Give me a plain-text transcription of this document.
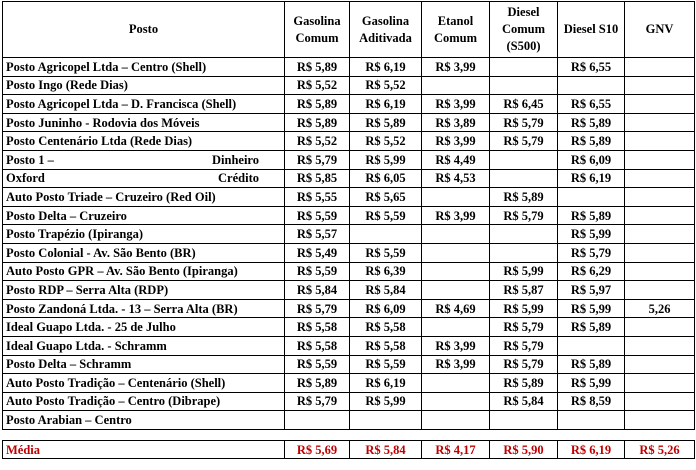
Posto	Gasolina Comum	Gasolina Aditivada	Etanol Comum	Diesel Comum (S500)	Diesel S10	GNV
Posto Agricopel Ltda – Centro (Shell)	R$ 5,89	R$ 6,19	R$ 3,99		R$ 6,55	
Posto Ingo (Rede Dias)	R$ 5,52	R$ 5,52				
Posto Agricopel Ltda – D. Francisca (Shell)	R$ 5,89	R$ 6,19	R$ 3,99	R$ 6,45	R$ 6,55	
Posto Juninho - Rodovia dos Móveis	R$ 5,89	R$ 5,89	R$ 3,89	R$ 5,79	R$ 5,89	
Posto Centenário Ltda (Rede Dias)	R$ 5,52	R$ 5,52	R$ 3,99	R$ 5,79	R$ 5,89	

Posto 1 – Dinheiro	R$ 5,79	R$ 5,99	R$ 4,49		R$ 6,09	

Oxford Crédito	R$ 5,85	R$ 6,05	R$ 4,53		R$ 6,19	
Auto Posto Triade – Cruzeiro (Red Oil)	R$ 5,55	R$ 5,65		R$ 5,89		
Posto Delta – Cruzeiro	R$ 5,59	R$ 5,59	R$ 3,99	R$ 5,79	R$ 5,89	
Posto Trapézio (Ipiranga)	R$ 5,57				R$ 5,99	
Posto Colonial - Av. São Bento (BR)	R$ 5,49	R$ 5,59			R$ 5,79	
Auto Posto GPR – Av. São Bento (Ipiranga)	R$ 5,59	R$ 6,39		R$ 5,99	R$ 6,29	
Posto RDP – Serra Alta (RDP)	R$ 5,84	R$ 5,84		R$ 5,87	R$ 5,97	
Posto Zandoná Ltda. - 13 – Serra Alta (BR)	R$ 5,79	R$ 6,09	R$ 4,69	R$ 5,99	R$ 5,99	5,26
Ideal Guapo Ltda. - 25 de Julho	R$ 5,58	R$ 5,58		R$ 5,79	R$ 5,89	
Ideal Guapo Ltda. - Schramm	R$ 5,58	R$ 5,58	R$ 3,99	R$ 5,79		
Posto Delta – Schramm	R$ 5,59	R$ 5,59	R$ 3,99	R$ 5,79	R$ 5,89	
Auto Posto Tradição – Centenário (Shell)	R$ 5,89	R$ 6,19		R$ 5,89	R$ 5,99	
Auto Posto Tradição – Centro (Dibrape)	R$ 5,79	R$ 5,99		R$ 5,84	R$ 8,59	
Posto Arabian – Centro						

Média	R$ 5,69	R$ 5,84	R$ 4,17	R$ 5,90	R$ 6,19	R$ 5,26
